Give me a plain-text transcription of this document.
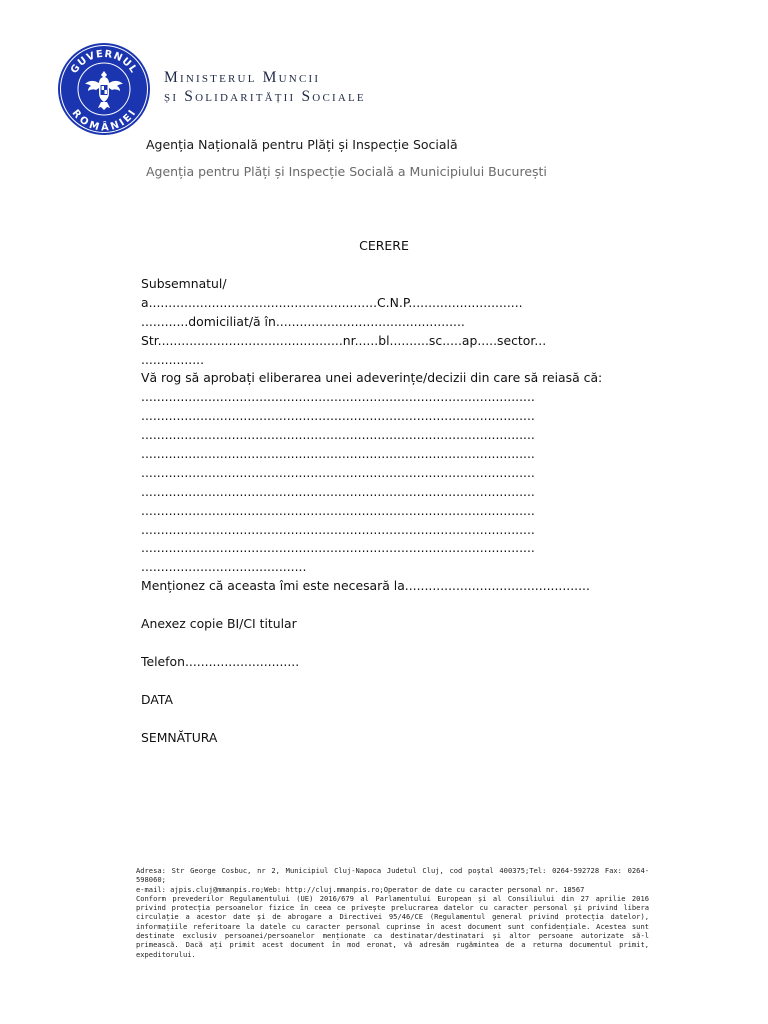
GUVERNUL
ROMÂNIEI
Ministerul Muncii
și Solidarității Sociale
Agenția Națională pentru Plăți și Inspecție Socială
Agenția pentru Plăți și Inspecție Socială a Municipiului București
CERERE
Subsemnatul/
a..........................................................C.N.P.............................
............domiciliat/ă în................................................
Str...............................................nr......bl..........sc.....ap.....sector...
................
Vă rog să aprobați eliberarea unei adeverințe/decizii din care să reiasă că:
....................................................................................................
....................................................................................................
....................................................................................................
....................................................................................................
....................................................................................................
....................................................................................................
....................................................................................................
....................................................................................................
....................................................................................................
..........................................
Menționez că aceasta îmi este necesară la...............................................
Anexez copie BI/CI titular
Telefon.............................
DATA
SEMNĂTURA

Adresa: Str George Cosbuc, nr 2, Municipiul Cluj-Napoca Judetul Cluj, cod poștal 400375;Tel: 0264-592728 Fax: 0264-598060;

e-mail: ajpis.cluj@mmanpis.ro;Web: http://cluj.mmanpis.ro;Operator de date cu caracter personal nr. 18567

Conform prevederilor Regulamentului (UE) 2016/679 al Parlamentului European și al Consiliului din 27 aprilie 2016 privind protecția persoanelor fizice în ceea ce privește prelucrarea datelor cu caracter personal și privind libera circulație a acestor date și de abrogare a Directivei 95/46/CE (Regulamentul general privind protecția datelor), informațiile referitoare la datele cu caracter personal cuprinse în acest document sunt confidențiale. Acestea sunt destinate exclusiv persoanei/persoanelor menționate ca destinatar/destinatari și altor persoane autorizate să-l primească. Dacă ați primit acest document în mod eronat, vă adresăm rugămintea de a returna documentul primit, expeditorului.
